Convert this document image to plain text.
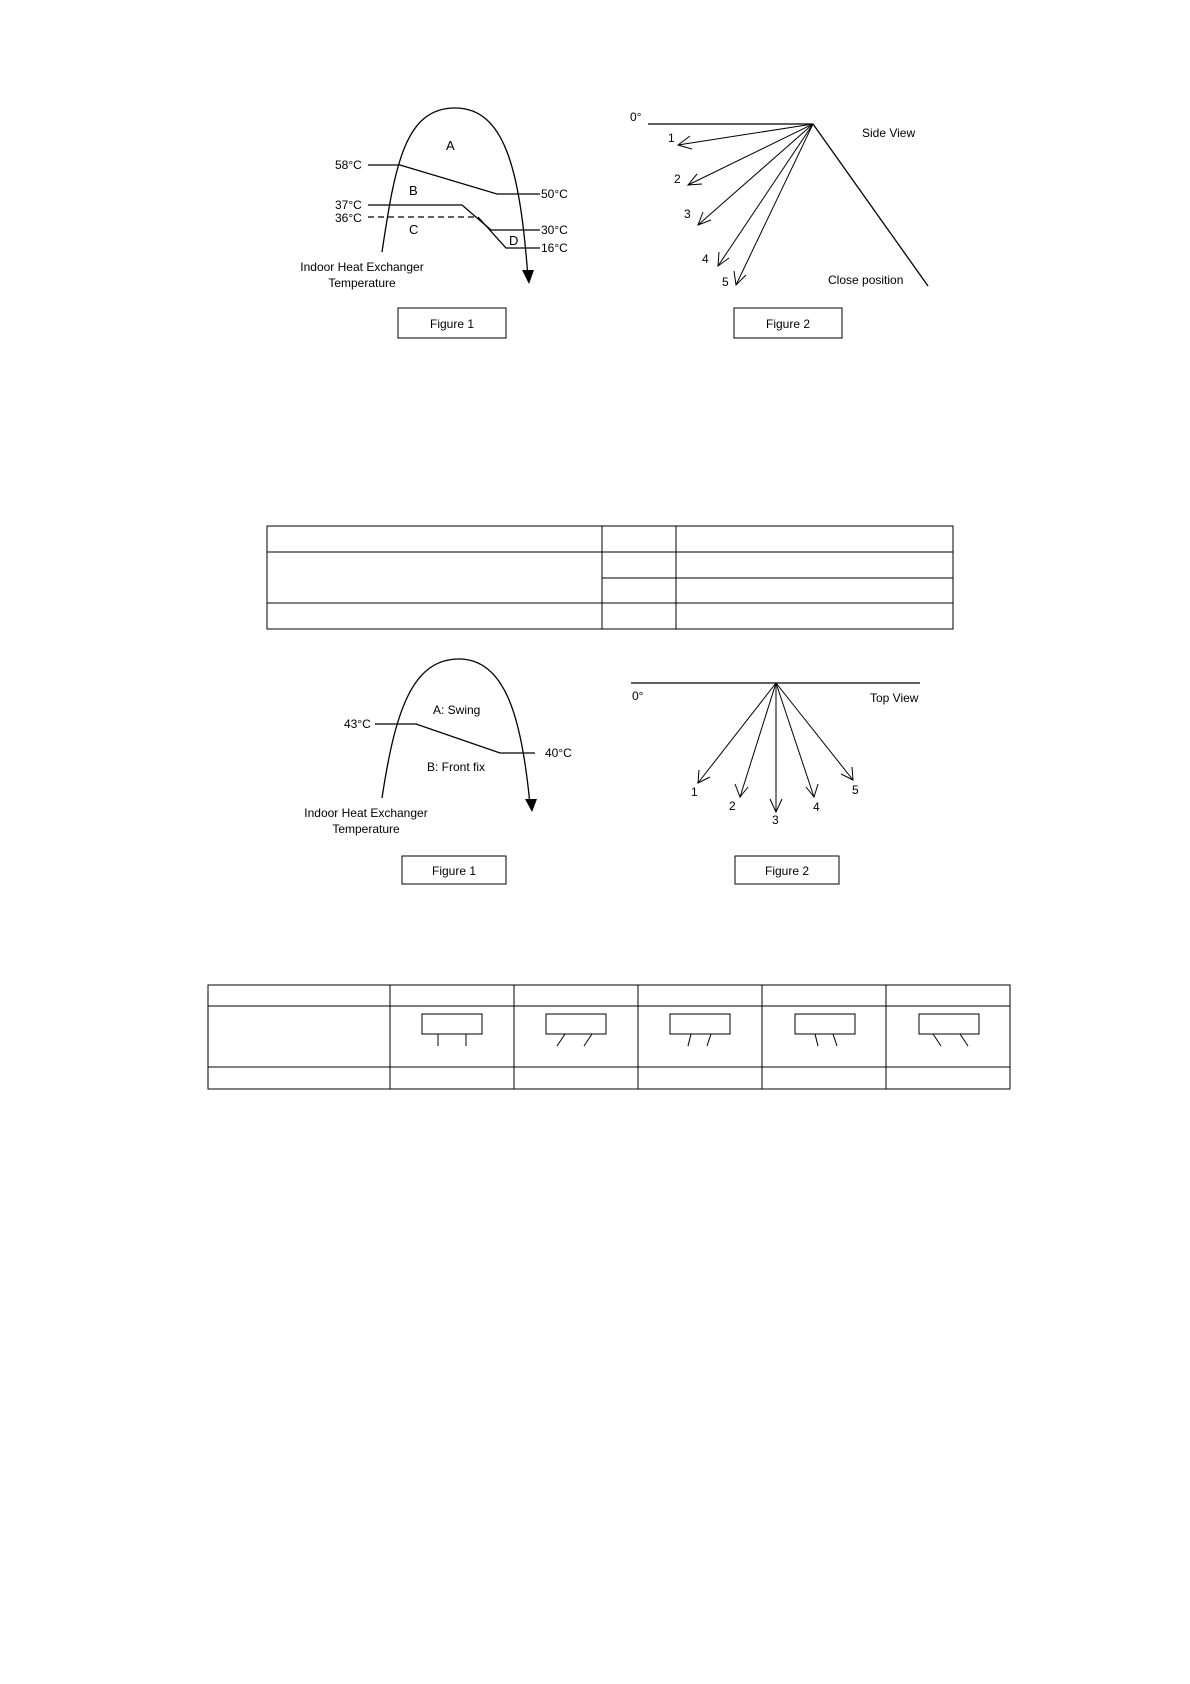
A
B
C
D
58°C
37°C
36°C
50°C
30°C
16°C
Indoor Heat Exchanger
Temperature
Figure 1
0°
1
2
3
4
5
Side View
Close position
Figure 2
A: Swing
B: Front fix
43°C
40°C
Indoor Heat Exchanger
Temperature
Figure 1
0°	Top View
1
2
3
4
5
Figure 2
